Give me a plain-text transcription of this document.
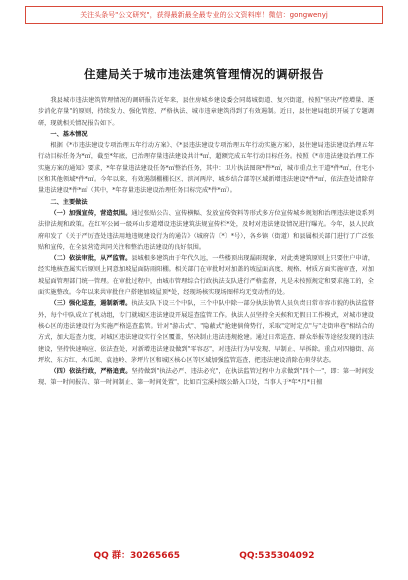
关注头条号"公文研究"，获得最新最全最专业的公文资料库！微信：gongwenyj
住建局关于城市违法建筑管理情况的调研报告

我县城市违法建筑管理情况的调研报告近年来，县住房城乡建设委会同葛城街道、复兴街道，按照"坚决严控增量、逐步消化存量"的原则，持续发力、强化管控、严格执法、城市违章建筑得到了有效遏制。近日，县住建局组织开展了专题调研，现就相关情况报告如下。

一、基本情况

根据《*市违法建设专项治理五年行动方案》、《*县违法建设专项治理五年行动实施方案》，县住建局违法建设治理五年行动目标任务为*㎡，截至*年底，已治理存量违法建设共计*㎡，超额完成五年行动目标任务。按照《*市违法建设治理工作实施方案的通知》要求，*年存量违法建设任务*㎡整治任务，其中：卫片执法图斑*件*㎡，城市重点主干道*件*㎡，住宅小区和其他领域*件*㎡。今年以来，有效遏制棚棚长区、滨河两岸、城乡结合部等区域新增违法建设*件*㎡，依法查处清除存量违法建设*件*㎡（其中，*年存量违法建设治理任务目标完成*件*㎡）。

二、主要做法

（一）加强宣传，营造氛围。通过张贴公告、宣传横幅、发放宣传资料等形式多方位宣传城乡规划和治理违法建设系列法律法规和政策。在红军公园一级环山步道增设违法建筑法规宣传栏*处，及时对违法建设情况进行曝光。今年，县人民政府印发了《关于严厉查处违法用地违规建设行为的通告》（城府告〔*〕*号），各乡镇（街道）和县属相关部门进行了广泛张贴和宣传，在全县营造共同关注和整治违法建设的良好氛围。

（二）依法审批，从严监管。县城根多建筑由于年代久远，一些楼顶出现漏雨现象，对此类建筑原则上只要住户申请，经实地核查属实后原则上同意加坡屋面防雨阳棚。相关部门在审批时对加盖的坡屋面高度、规格、材质方面实施审查，对加坡屋面管理部门统一管理。在审批过程中，由城市管理综合行政执法支队进行严格监督，凡是未按照规定和要求施工的，全面实施整改。今年以来共审批住户搭建加坡屋顶*处，经现场核实现场图样均无变动性的处。

（三）强化巡查，遏制新增。执法支队下设三个中队，三个中队中除一部分执法协管人员负责日常市容市貌的执法监督外，每个中队成立了机动组，专门就城区违法建设开展巡查监管工作。执法人员坚持全天候和无假日工作模式，对城市建设核心区的违法建设行为实施严格巡查监管。针对"游击式"、"隐蔽式"抢建倘倚势行，采取"定时定点"与"走街串巷"相结合的方式，加大巡查力度，对城区违法建设实行全区覆盖，坚决制止违法违规抢建。通过日常巡查、群众举报等途径发现的违法建设，坚持快速响应、依法查处，对新增违法建设做到"零容忍"，对违法行为早发现、早制止、早拆除。重点对四德街、高坪坎、东方红、木瓜坝、袁池岭、茅坪片区和城区核心区等区域加强监管巡查，把违法建设消除在萌芽状态。

（四）依法行政，严格追责。坚持做到"执法必严、违法必究"，在执法监管过程中力求做到"四个一"，即：第一时间发现、第一时间报告、第一时间制止、第一时间处置"，比如百宝溪村级公路入口处，当事人于*年*月*日擅

QQ 群：30265665	QQ:535304092
